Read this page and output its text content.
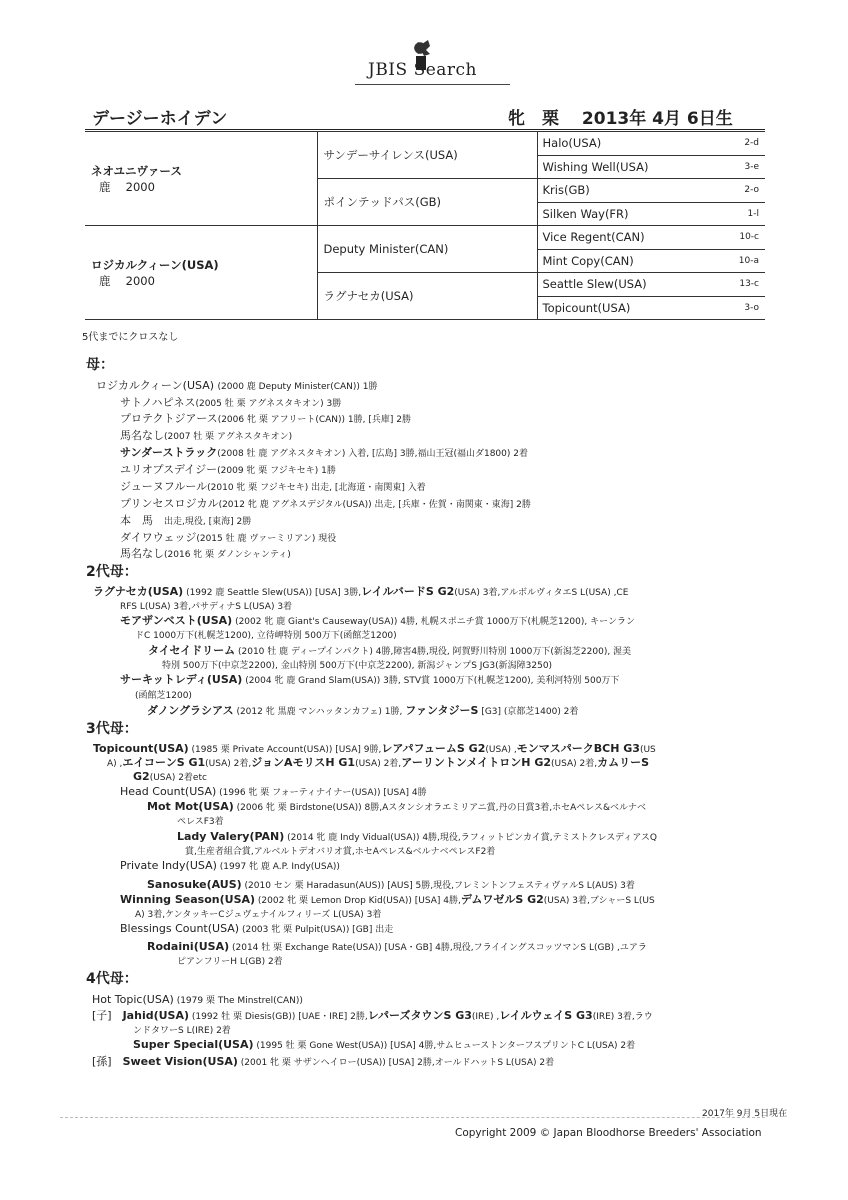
JBIS Search
デージーホイデン	牝　栗　 2013年 4月 6日生
ネオユニヴァース
鹿　 2000	サンデーサイレンス(USA)	Halo(USA) 2-d

		Wishing Well(USA) 3-e

	ポインテッドパス(GB)	Kris(GB) 2-o

		Silken Way(FR) 1-l

ロジカルクィーン(USA)
鹿　 2000	Deputy Minister(CAN)	Vice Regent(CAN) 10-c

		Mint Copy(CAN) 10-a

	ラグナセカ(USA)	Seattle Slew(USA) 13-c

		Topicount(USA) 3-o
5代までにクロスなし
母：
ロジカルクィーン(USA) (2000 鹿 Deputy Minister(CAN)) 1勝
サトノハピネス(2005 牡 栗 アグネスタキオン) 3勝
プロテクトジアース(2006 牝 栗 アフリート(CAN)) 1勝, [兵庫] 2勝
馬名なし(2007 牡 栗 アグネスタキオン)
サンダーストラック(2008 牡 鹿 アグネスタキオン) 入着, [広島] 3勝,福山王冠(福山ダ1800) 2着
ユリオプスデイジー(2009 牝 栗 フジキセキ) 1勝
ジューヌフルール(2010 牝 栗 フジキセキ) 出走, [北海道・南関東] 入着
プリンセスロジカル(2012 牝 鹿 アグネスデジタル(USA)) 出走, [兵庫・佐賀・南関東・東海] 2勝
本　馬　出走,現役, [東海] 2勝
ダイワウェッジ(2015 牡 鹿 ヴァーミリアン) 現役
馬名なし(2016 牝 栗 ダノンシャンティ)
2代母：
ラグナセカ(USA) (1992 鹿 Seattle Slew(USA)) [USA] 3勝,レイルバードS G2(USA) 3着,アルボルヴィタエS L(USA) ,CE
RFS L(USA) 3着,パサディナS L(USA) 3着
モアザンベスト(USA) (2002 牝 鹿 Giant's Causeway(USA)) 4勝, 札幌スポニチ賞 1000万下(札幌芝1200), キーンラン
ドC 1000万下(札幌芝1200), 立待岬特別 500万下(函館芝1200)
タイセイドリーム (2010 牡 鹿 ディープインパクト) 4勝,障害4勝,現役, 阿賀野川特別 1000万下(新潟芝2200), 渥美
特別 500万下(中京芝2200), 金山特別 500万下(中京芝2200), 新潟ジャンプS JG3(新潟障3250)
サーキットレディ(USA) (2004 牝 鹿 Grand Slam(USA)) 3勝, STV賞 1000万下(札幌芝1200), 美利河特別 500万下
(函館芝1200)
ダノングラシアス (2012 牝 黒鹿 マンハッタンカフェ) 1勝, ファンタジーS [G3] (京都芝1400) 2着
3代母：
Topicount(USA) (1985 栗 Private Account(USA)) [USA] 9勝,レアパフュームS G2(USA) ,モンマスパークBCH G3(US
A) ,エイコーンS G1(USA) 2着,ジョンAモリスH G1(USA) 2着,アーリントンメイトロンH G2(USA) 2着,カムリーS
G2(USA) 2着etc
Head Count(USA) (1996 牝 栗 フォーティナイナー(USA)) [USA] 4勝
Mot Mot(USA) (2006 牝 栗 Birdstone(USA)) 8勝,Aスタンシオラエミリアニ賞,丹の日賞3着,ホセAペレス&ベルナベ
ペレスF3着
Lady Valery(PAN) (2014 牝 鹿 Indy Vidual(USA)) 4勝,現役,ラフィットピンカイ賞,テミストクレスディアスQ
賞,生産者組合賞,アルベルトデオバリオ賞,ホセAペレス&ベルナベペレスF2着
Private Indy(USA) (1997 牝 鹿 A.P. Indy(USA))
Sanosuke(AUS) (2010 セン 栗 Haradasun(AUS)) [AUS] 5勝,現役,フレミントンフェスティヴァルS L(AUS) 3着
Winning Season(USA) (2002 牝 栗 Lemon Drop Kid(USA)) [USA] 4勝,デムワゼルS G2(USA) 3着,ブシャーS L(US
A) 3着,ケンタッキーCジュヴェナイルフィリーズ L(USA) 3着
Blessings Count(USA) (2003 牝 栗 Pulpit(USA)) [GB] 出走
Rodaini(USA) (2014 牡 栗 Exchange Rate(USA)) [USA・GB] 4勝,現役,フライイングスコッツマンS L(GB) ,ユアラ
ピアンフリーH L(GB) 2着
4代母：
Hot Topic(USA) (1979 栗 The Minstrel(CAN))
[子]　Jahid(USA) (1992 牡 栗 Diesis(GB)) [UAE・IRE] 2勝,レパーズタウンS G3(IRE) ,レイルウェイS G3(IRE) 3着,ラウ
ンドタワーS L(IRE) 2着
Super Special(USA) (1995 牡 栗 Gone West(USA)) [USA] 4勝,サムヒューストンターフスプリントC L(USA) 2着
[孫]　Sweet Vision(USA) (2001 牝 栗 サザンヘイロー(USA)) [USA] 2勝,オールドハットS L(USA) 2着
2017年 9月 5日現在
Copyright 2009 © Japan Bloodhorse Breeders' Association
